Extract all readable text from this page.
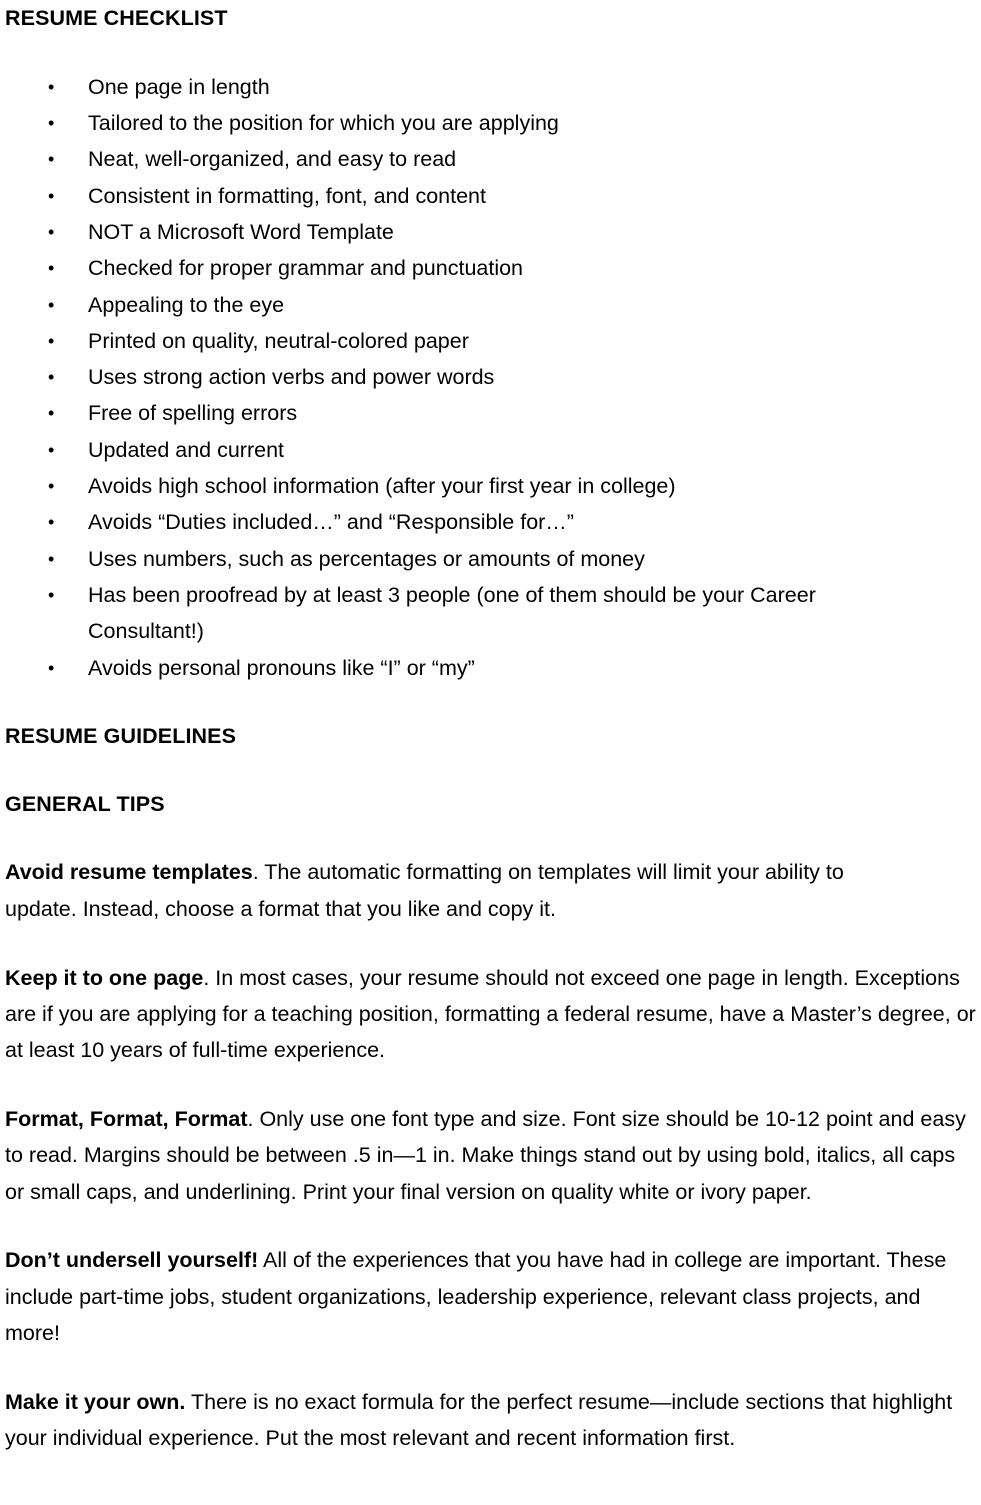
RESUME CHECKLIST
• One page in length
• Tailored to the position for which you are applying
• Neat, well-organized, and easy to read
• Consistent in formatting, font, and content
• NOT a Microsoft Word Template
• Checked for proper grammar and punctuation
• Appealing to the eye
• Printed on quality, neutral-colored paper
• Uses strong action verbs and power words
• Free of spelling errors
• Updated and current
• Avoids high school information (after your first year in college)
• Avoids “Duties included…” and “Responsible for…”
• Uses numbers, such as percentages or amounts of money
• Has been proofread by at least 3 people (one of them should be your Career Consultant!)
• Avoids personal pronouns like “I” or “my”
RESUME GUIDELINES
GENERAL TIPS

Avoid resume templates. The automatic formatting on templates will limit your ability to update. Instead, choose a format that you like and copy it.

Keep it to one page. In most cases, your resume should not exceed one page in length. Exceptions are if you are applying for a teaching position, formatting a federal resume, have a Master’s degree, or at least 10 years of full-time experience.

Format, Format, Format. Only use one font type and size. Font size should be 10-12 point and easy to read. Margins should be between .5 in—1 in. Make things stand out by using bold, italics, all caps or small caps, and underlining. Print your final version on quality white or ivory paper.

Don’t undersell yourself! All of the experiences that you have had in college are important. These include part-time jobs, student organizations, leadership experience, relevant class projects, and more!

Make it your own. There is no exact formula for the perfect resume—include sections that highlight your individual experience. Put the most relevant and recent information first.
